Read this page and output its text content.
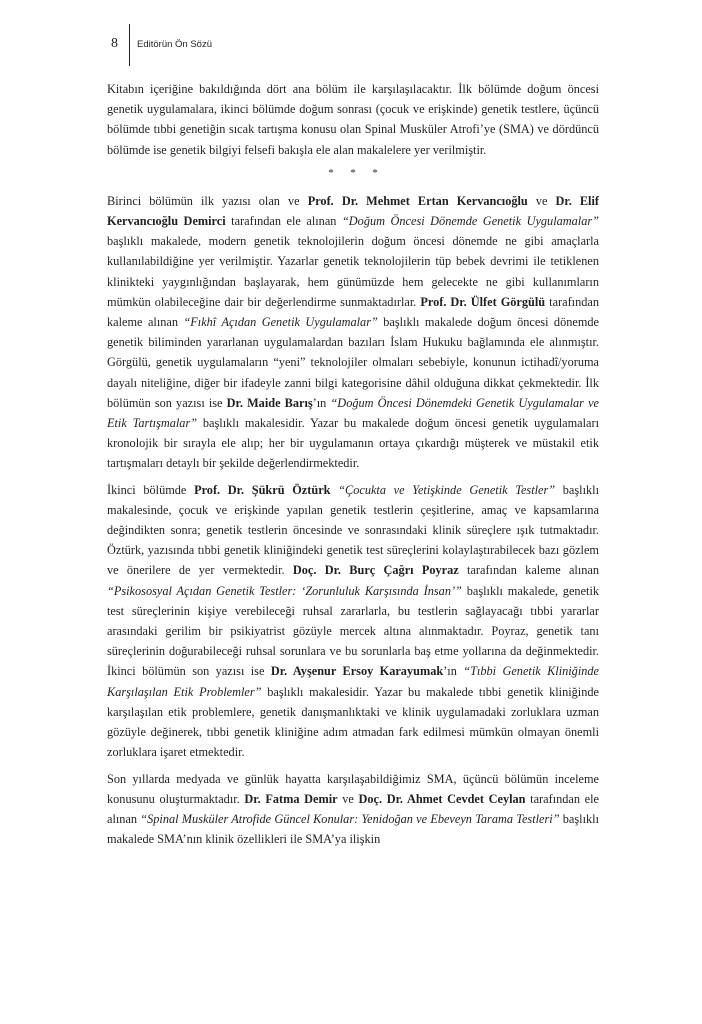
8 Editörün Ön Sözü

Kitabın içeriğine bakıldığında dört ana bölüm ile karşılaşılacaktır. İlk bölümde doğum öncesi genetik uygulamalara, ikinci bölümde doğum sonrası (çocuk ve erişkinde) genetik testlere, üçüncü bölümde tıbbi genetiğin sıcak tartışma konusu olan Spinal Musküler Atrofi’ye (SMA) ve dördüncü bölümde ise genetik bilgiyi felsefi bakışla ele alan makalelere yer verilmiştir.

* * *

Birinci bölümün ilk yazısı olan ve Prof. Dr. Mehmet Ertan Kervancıoğlu ve Dr. Elif Kervancıoğlu Demirci tarafından ele alınan “Doğum Öncesi Dönemde Genetik Uygulamalar” başlıklı makalede, modern genetik teknolojilerin doğum öncesi dönemde ne gibi amaçlarla kullanılabildiğine yer verilmiştir. Yazarlar genetik teknolojilerin tüp bebek devrimi ile tetiklenen klinikteki yaygınlığından başlayarak, hem günümüzde hem gelecekte ne gibi kullanımların mümkün olabileceğine dair bir değerlendirme sunmaktadırlar. Prof. Dr. Ülfet Görgülü tarafından kaleme alınan “Fıkhî Açıdan Genetik Uygulamalar” başlıklı makalede doğum öncesi dönemde genetik biliminden yararlanan uygulamalardan bazıları İslam Hukuku bağlamında ele alınmıştır. Görgülü, genetik uygulamaların “yeni” teknolojiler olmaları sebebiyle, konunun ictihadî/yoruma dayalı niteliğine, diğer bir ifadeyle zanni bilgi kategorisine dâhil olduğuna dikkat çekmektedir. İlk bölümün son yazısı ise Dr. Maide Barış’ın “Doğum Öncesi Dönemdeki Genetik Uygulamalar ve Etik Tartışmalar” başlıklı makalesidir. Yazar bu makalede doğum öncesi genetik uygulamaları kronolojik bir sırayla ele alıp; her bir uygulamanın ortaya çıkardığı müşterek ve müstakil etik tartışmaları detaylı bir şekilde değerlendirmektedir.

İkinci bölümde Prof. Dr. Şükrü Öztürk “Çocukta ve Yetişkinde Genetik Testler” başlıklı makalesinde, çocuk ve erişkinde yapılan genetik testlerin çeşitlerine, amaç ve kapsamlarına değindikten sonra; genetik testlerin öncesinde ve sonrasındaki klinik süreçlere ışık tutmaktadır. Öztürk, yazısında tıbbi genetik kliniğindeki genetik test süreçlerini kolaylaştırabilecek bazı gözlem ve önerilere de yer vermektedir. Doç. Dr. Burç Çağrı Poyraz tarafından kaleme alınan “Psikososyal Açıdan Genetik Testler: ‘Zorunluluk Karşısında İnsan’” başlıklı makalede, genetik test süreçlerinin kişiye verebileceği ruhsal zararlarla, bu testlerin sağlayacağı tıbbi yararlar arasındaki gerilim bir psikiyatrist gözüyle mercek altına alınmaktadır. Poyraz, genetik tanı süreçlerinin doğurabileceği ruhsal sorunlara ve bu sorunlarla baş etme yollarına da değinmektedir. İkinci bölümün son yazısı ise Dr. Ayşenur Ersoy Karayumak’ın “Tıbbi Genetik Kliniğinde Karşılaşılan Etik Problemler” başlıklı makalesidir. Yazar bu makalede tıbbi genetik kliniğinde karşılaşılan etik problemlere, genetik danışmanlıktaki ve klinik uygulamadaki zorluklara uzman gözüyle değinerek, tıbbi genetik kliniğine adım atmadan fark edilmesi mümkün olmayan önemli zorluklara işaret etmektedir.

Son yıllarda medyada ve günlük hayatta karşılaşabildiğimiz SMA, üçüncü bölümün inceleme konusunu oluşturmaktadır. Dr. Fatma Demir ve Doç. Dr. Ahmet Cevdet Ceylan tarafından ele alınan “Spinal Musküler Atrofide Güncel Konular: Yenidoğan ve Ebeveyn Tarama Testleri” başlıklı makalede SMA’nın klinik özellikleri ile SMA’ya ilişkin
